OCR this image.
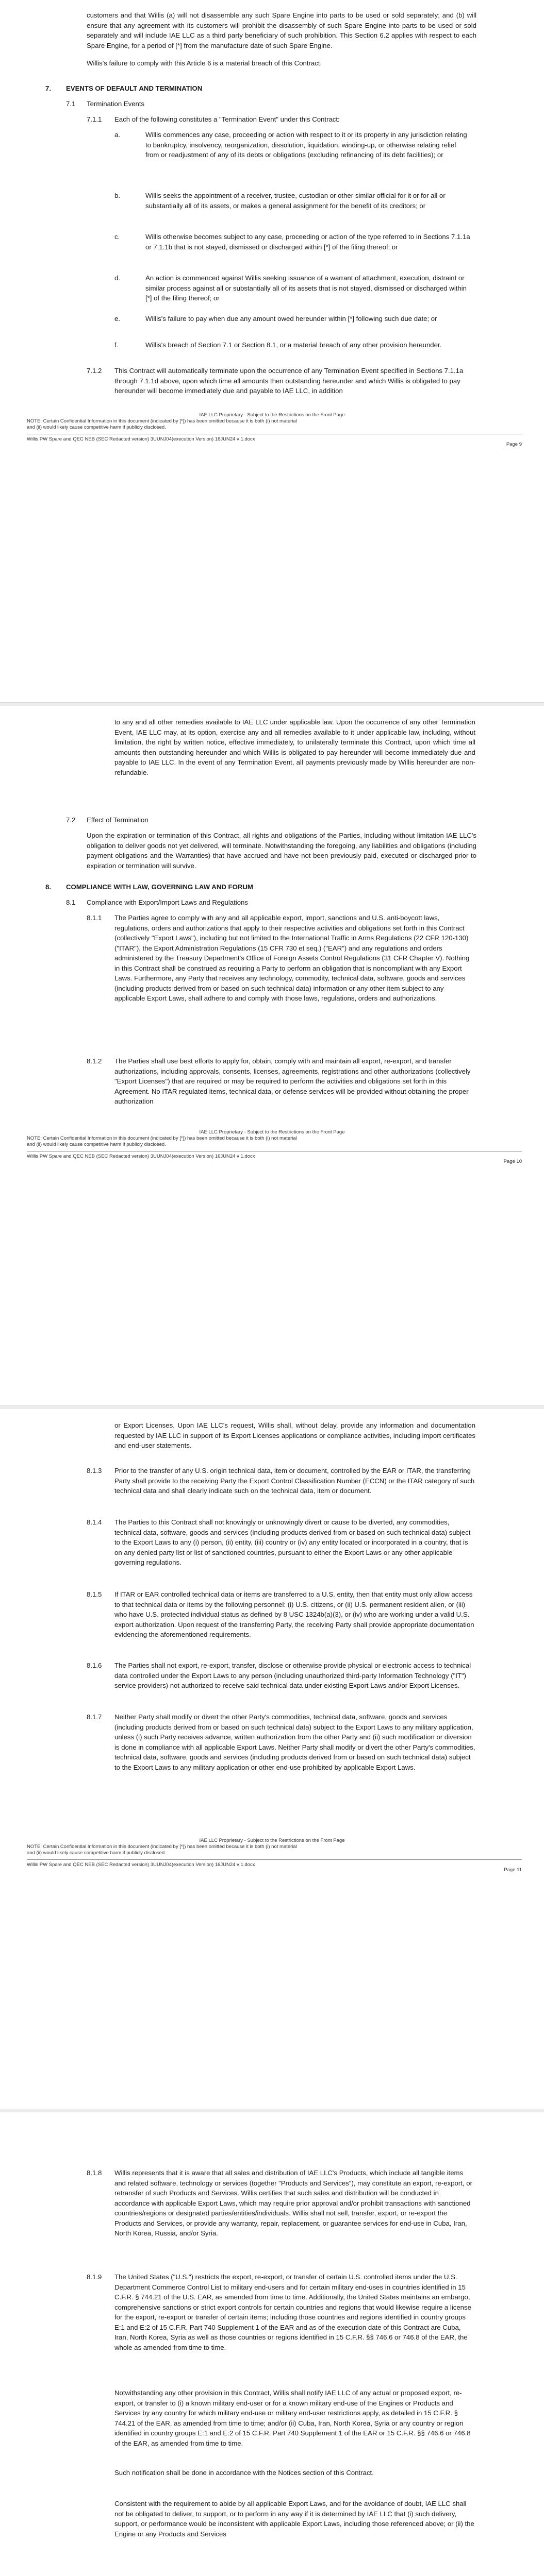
customers and that Willis (a) will not disassemble any such Spare Engine into parts to be used or sold separately; and (b) will ensure that any agreement with its customers will prohibit the disassembly of such Spare Engine into parts to be used or sold separately and will include IAE LLC as a third party beneficiary of such prohibition. This Section 6.2 applies with respect to each Spare Engine, for a period of [*] from the manufacture date of such Spare Engine.
Willis's failure to comply with this Article 6 is a material breach of this Contract.
7. EVENTS OF DEFAULT AND TERMINATION
7.1 Termination Events
7.1.1 Each of the following constitutes a "Termination Event" under this Contract:
a.	Willis commences any case, proceeding or action with respect to it or its property in any jurisdiction relating to bankruptcy, insolvency, reorganization, dissolution, liquidation, winding-up, or otherwise relating relief from or readjustment of any of its debts or obligations (excluding refinancing of its debt facilities); or
b.	Willis seeks the appointment of a receiver, trustee, custodian or other similar official for it or for all or substantially all of its assets, or makes a general assignment for the benefit of its creditors; or
c.	Willis otherwise becomes subject to any case, proceeding or action of the type referred to in Sections 7.1.1a or 7.1.1b that is not stayed, dismissed or discharged within [*] of the filing thereof; or
d.	An action is commenced against Willis seeking issuance of a warrant of attachment, execution, distraint or similar process against all or substantially all of its assets that is not stayed, dismissed or discharged within [*] of the filing thereof; or
e.	Willis's failure to pay when due any amount owed hereunder within [*] following such due date; or
f.	Willis's breach of Section 7.1 or Section 8.1, or a material breach of any other provision hereunder.
7.1.2 This Contract will automatically terminate upon the occurrence of any Termination Event specified in Sections 7.1.1a through 7.1.1d above, upon which time all amounts then outstanding hereunder and which Willis is obligated to pay hereunder will become immediately due and payable to IAE LLC, in addition
IAE LLC Proprietary - Subject to the Restrictions on the Front Page
NOTE: Certain Confidential Information in this document (indicated by [*]) has been omitted because it is both (i) not material
and (ii) would likely cause competitive harm if publicly disclosed.
Willis PW Spare and QEC NEB (SEC Redacted version) 3UUNJ04(execution Version) 16JUN24 v 1.docx
Page 9
to any and all other remedies available to IAE LLC under applicable law. Upon the occurrence of any other Termination Event, IAE LLC may, at its option, exercise any and all remedies available to it under applicable law, including, without limitation, the right by written notice, effective immediately, to unilaterally terminate this Contract, upon which time all amounts then outstanding hereunder and which Willis is obligated to pay hereunder will become immediately due and payable to IAE LLC. In the event of any Termination Event, all payments previously made by Willis hereunder are non-refundable.
7.2 Effect of Termination
Upon the expiration or termination of this Contract, all rights and obligations of the Parties, including without limitation IAE LLC's obligation to deliver goods not yet delivered, will terminate. Notwithstanding the foregoing, any liabilities and obligations (including payment obligations and the Warranties) that have accrued and have not been previously paid, executed or discharged prior to expiration or termination will survive.
8. COMPLIANCE WITH LAW, GOVERNING LAW AND FORUM
8.1 Compliance with Export/Import Laws and Regulations
8.1.1 The Parties agree to comply with any and all applicable export, import, sanctions and U.S. anti-boycott laws, regulations, orders and authorizations that apply to their respective activities and obligations set forth in this Contract (collectively "Export Laws"), including but not limited to the International Traffic in Arms Regulations (22 CFR 120-130) ("ITAR"), the Export Administration Regulations (15 CFR 730 et seq.) ("EAR") and any regulations and orders administered by the Treasury Department's Office of Foreign Assets Control Regulations (31 CFR Chapter V). Nothing in this Contract shall be construed as requiring a Party to perform an obligation that is noncompliant with any Export Laws. Furthermore, any Party that receives any technology, commodity, technical data, software, goods and services (including products derived from or based on such technical data) information or any other item subject to any applicable Export Laws, shall adhere to and comply with those laws, regulations, orders and authorizations.
8.1.2 The Parties shall use best efforts to apply for, obtain, comply with and maintain all export, re-export, and transfer authorizations, including approvals, consents, licenses, agreements, registrations and other authorizations (collectively "Export Licenses") that are required or may be required to perform the activities and obligations set forth in this Agreement. No ITAR regulated items, technical data, or defense services will be provided without obtaining the proper authorization
IAE LLC Proprietary - Subject to the Restrictions on the Front Page
NOTE: Certain Confidential Information in this document (indicated by [*]) has been omitted because it is both (i) not material
and (ii) would likely cause competitive harm if publicly disclosed.
Willis PW Spare and QEC NEB (SEC Redacted version) 3UUNJ04(execution Version) 16JUN24 v 1.docx
Page 10
or Export Licenses. Upon IAE LLC's request, Willis shall, without delay, provide any information and documentation requested by IAE LLC in support of its Export Licenses applications or compliance activities, including import certificates and end-user statements.
8.1.3 Prior to the transfer of any U.S. origin technical data, item or document, controlled by the EAR or ITAR, the transferring Party shall provide to the receiving Party the Export Control Classification Number (ECCN) or the ITAR category of such technical data and shall clearly indicate such on the technical data, item or document.
8.1.4 The Parties to this Contract shall not knowingly or unknowingly divert or cause to be diverted, any commodities, technical data, software, goods and services (including products derived from or based on such technical data) subject to the Export Laws to any (i) person, (ii) entity, (iii) country or (iv) any entity located or incorporated in a country, that is on any denied party list or list of sanctioned countries, pursuant to either the Export Laws or any other applicable governing regulations.
8.1.5 If ITAR or EAR controlled technical data or items are transferred to a U.S. entity, then that entity must only allow access to that technical data or items by the following personnel: (i) U.S. citizens, or (ii) U.S. permanent resident alien, or (iii) who have U.S. protected individual status as defined by 8 USC 1324b(a)(3), or (iv) who are working under a valid U.S. export authorization. Upon request of the transferring Party, the receiving Party shall provide appropriate documentation evidencing the aforementioned requirements.
8.1.6 The Parties shall not export, re-export, transfer, disclose or otherwise provide physical or electronic access to technical data controlled under the Export Laws to any person (including unauthorized third-party Information Technology ("IT") service providers) not authorized to receive said technical data under existing Export Laws and/or Export Licenses.
8.1.7 Neither Party shall modify or divert the other Party's commodities, technical data, software, goods and services (including products derived from or based on such technical data) subject to the Export Laws to any military application, unless (i) such Party receives advance, written authorization from the other Party and (ii) such modification or diversion is done in compliance with all applicable Export Laws. Neither Party shall modify or divert the other Party's commodities, technical data, software, goods and services (including products derived from or based on such technical data) subject to the Export Laws to any military application or other end-use prohibited by applicable Export Laws.
IAE LLC Proprietary - Subject to the Restrictions on the Front Page
NOTE: Certain Confidential Information in this document (indicated by [*]) has been omitted because it is both (i) not material
and (ii) would likely cause competitive harm if publicly disclosed.
Willis PW Spare and QEC NEB (SEC Redacted version) 3UUNJ04(execution Version) 16JUN24 v 1.docx
Page 11
8.1.8 Willis represents that it is aware that all sales and distribution of IAE LLC's Products, which include all tangible items and related software, technology or services (together "Products and Services"), may constitute an export, re-export, or retransfer of such Products and Services. Willis certifies that such sales and distribution will be conducted in accordance with applicable Export Laws, which may require prior approval and/or prohibit transactions with sanctioned countries/regions or designated parties/entities/individuals. Willis shall not sell, transfer, export, or re-export the Products and Services, or provide any warranty, repair, replacement, or guarantee services for end-use in Cuba, Iran, North Korea, Russia, and/or Syria.
8.1.9 The United States ("U.S.") restricts the export, re-export, or transfer of certain U.S. controlled items under the U.S. Department Commerce Control List to military end-users and for certain military end-uses in countries identified in 15 C.F.R. § 744.21 of the U.S. EAR, as amended from time to time. Additionally, the United States maintains an embargo, comprehensive sanctions or strict export controls for certain countries and regions that would likewise require a license for the export, re-export or transfer of certain items; including those countries and regions identified in country groups E:1 and E:2 of 15 C.F.R. Part 740 Supplement 1 of the EAR and as of the execution date of this Contract are Cuba, Iran, North Korea, Syria as well as those countries or regions identified in 15 C.F.R. §§ 746.6 or 746.8 of the EAR, the whole as amended from time to time.
Notwithstanding any other provision in this Contract, Willis shall notify IAE LLC of any actual or proposed export, re-export, or transfer to (i) a known military end-user or for a known military end-use of the Engines or Products and Services by any country for which military end-use or military end-user restrictions apply, as detailed in 15 C.F.R. § 744.21 of the EAR, as amended from time to time; and/or (ii) Cuba, Iran, North Korea, Syria or any country or region identified in country groups E:1 and E:2 of 15 C.F.R. Part 740 Supplement 1 of the EAR or 15 C.F.R. §§ 746.6 or 746.8 of the EAR, as amended from time to time.
Such notification shall be done in accordance with the Notices section of this Contract.
Consistent with the requirement to abide by all applicable Export Laws, and for the avoidance of doubt, IAE LLC shall not be obligated to deliver, to support, or to perform in any way if it is determined by IAE LLC that (i) such delivery, support, or performance would be inconsistent with applicable Export Laws, including those referenced above; or (ii) the Engine or any Products and Services
